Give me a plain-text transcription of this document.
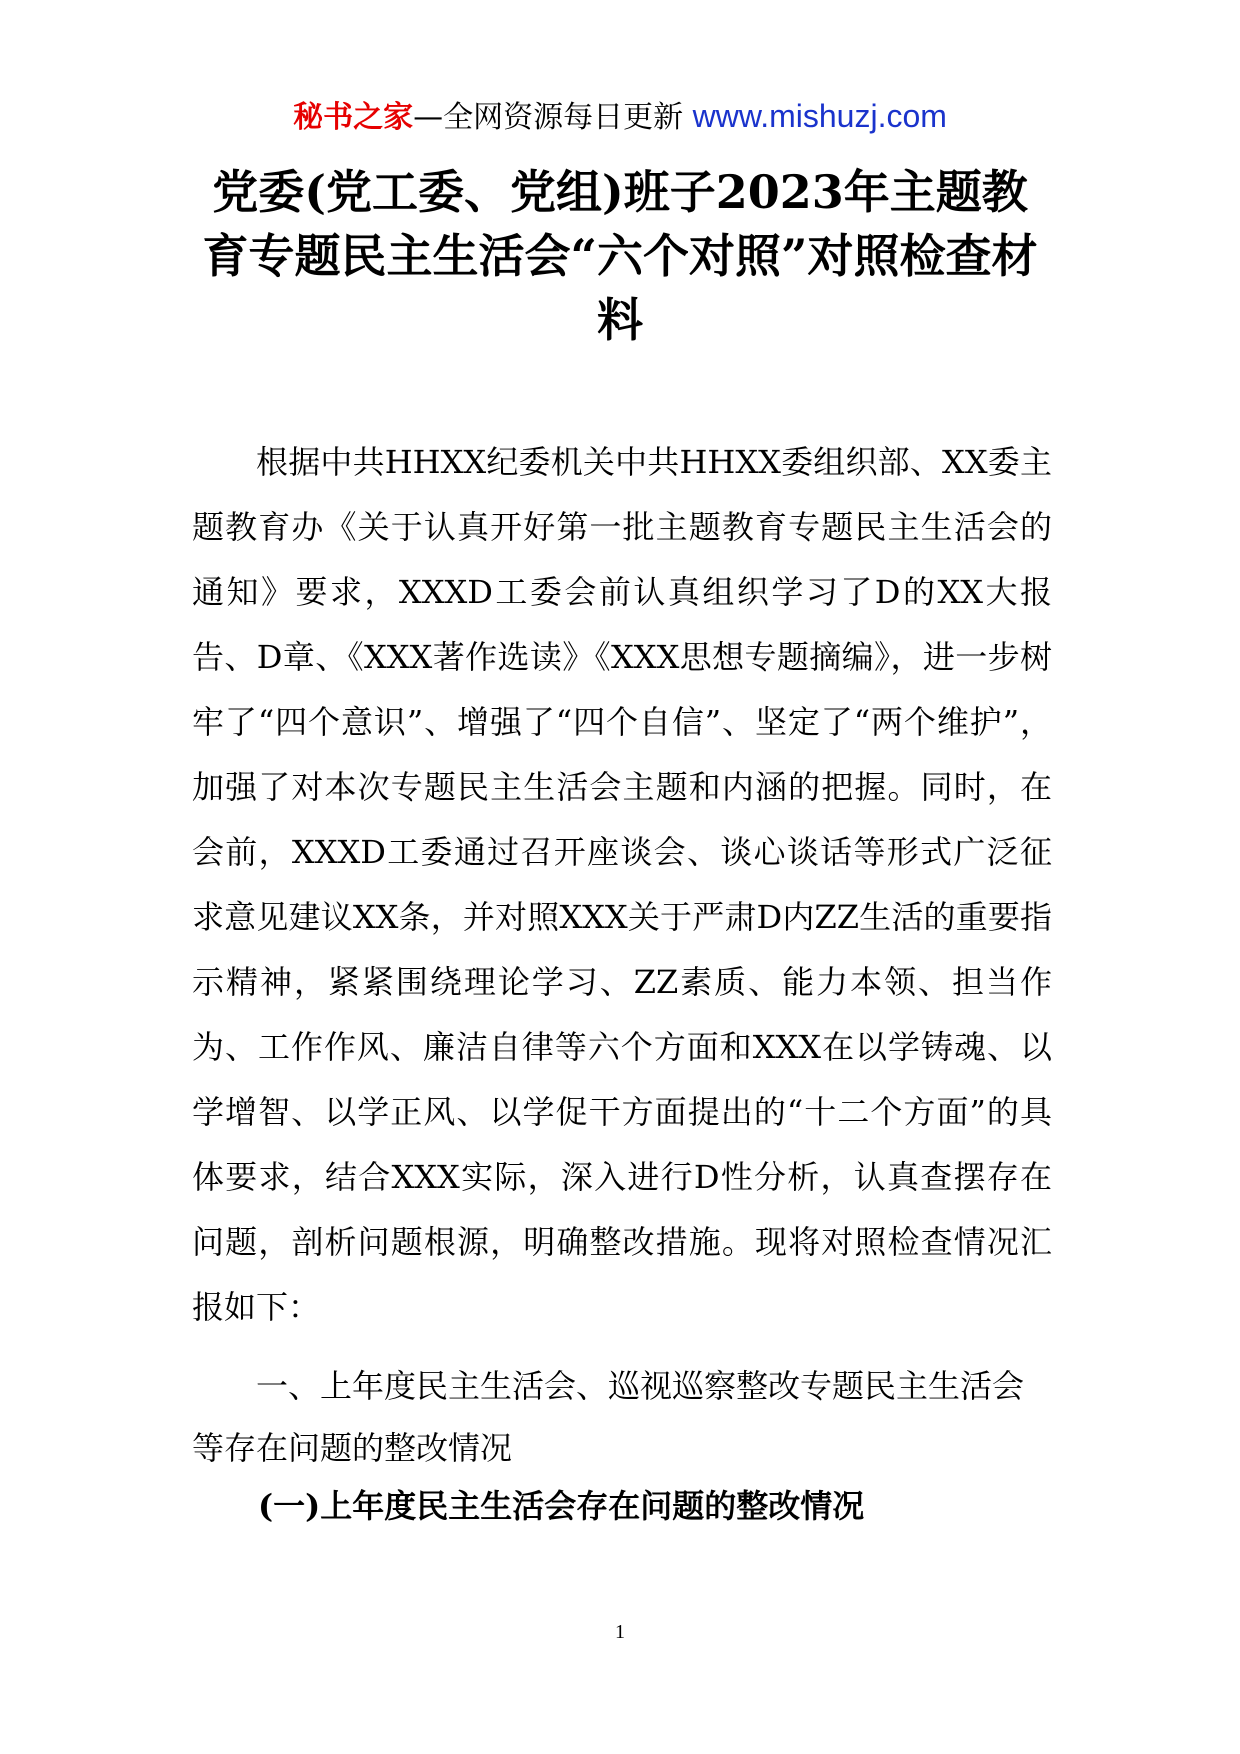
秘书之家—全网资源每日更新 www.mishuzj.com
党委(党工委、党组)班子2023年主题教育专题民主生活会“六个对照”对照检查材料

根据中共HHXX纪委机关中共HHXX委组织部、XX委主题教育办《关于认真开好第一批主题教育专题民主生活会的通知》要求，XXXD工委会前认真组织学习了D的XX大报告、D章、《XXX著作选读》《XXX思想专题摘编》，进一步树牢了“四个意识”、增强了“四个自信”、坚定了“两个维护”，加强了对本次专题民主生活会主题和内涵的把握。同时，在会前，XXXD工委通过召开座谈会、谈心谈话等形式广泛征求意见建议XX条，并对照XXX关于严肃D内ZZ生活的重要指示精神，紧紧围绕理论学习、ZZ素质、能力本领、担当作为、工作作风、廉洁自律等六个方面和XXX在以学铸魂、以学增智、以学正风、以学促干方面提出的“十二个方面”的具体要求，结合XXX实际，深入进行D性分析，认真查摆存在问题，剖析问题根源，明确整改措施。现将对照检查情况汇报如下：

一、上年度民主生活会、巡视巡察整改专题民主生活会等存在问题的整改情况
(一)上年度民主生活会存在问题的整改情况
1
